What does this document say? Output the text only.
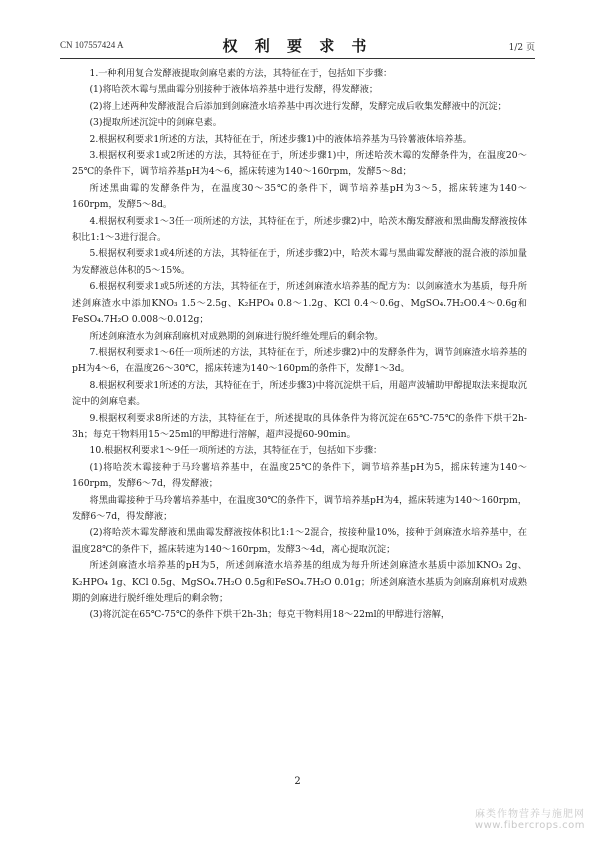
CN 107557424 A	权 利 要 求 书	1/2 页

1.一种利用复合发酵液提取剑麻皂素的方法，其特征在于，包括如下步骤：

(1)将哈茨木霉与黑曲霉分别接种于液体培养基中进行发酵，得发酵液；

(2)将上述两种发酵液混合后添加到剑麻渣水培养基中再次进行发酵，发酵完成后收集发酵液中的沉淀；

(3)提取所述沉淀中的剑麻皂素。

2.根据权利要求1所述的方法，其特征在于，所述步骤1)中的液体培养基为马铃薯液体培养基。

3.根据权利要求1或2所述的方法，其特征在于，所述步骤1)中，所述哈茨木霉的发酵条件为，在温度20～25℃的条件下，调节培养基pH为4～6，摇床转速为140～160rpm，发酵5～8d；

所述黑曲霉的发酵条件为，在温度30～35℃的条件下，调节培养基pH为3～5，摇床转速为140～160rpm，发酵5～8d。

4.根据权利要求1～3任一项所述的方法，其特征在于，所述步骤2)中，哈茨木酶发酵液和黑曲酶发酵液按体积比1:1～3进行混合。

5.根据权利要求1或4所述的方法，其特征在于，所述步骤2)中，哈茨木霉与黑曲霉发酵液的混合液的添加量为发酵液总体积的5～15%。

6.根据权利要求1或5所述的方法，其特征在于，所述剑麻渣水培养基的配方为：以剑麻渣水为基质，每升所述剑麻渣水中添加KNO₃ 1.5～2.5g、K₂HPO₄ 0.8～1.2g、KCl 0.4～0.6g、MgSO₄.7H₂O0.4～0.6g和FeSO₄.7H₂O 0.008～0.012g；

所述剑麻渣水为剑麻刮麻机对成熟期的剑麻进行脱纤维处理后的剩余物。

7.根据权利要求1～6任一项所述的方法，其特征在于，所述步骤2)中的发酵条件为，调节剑麻渣水培养基的pH为4～6，在温度26～30℃，摇床转速为140～160pm的条件下，发酵1～3d。

8.根据权利要求1所述的方法，其特征在于，所述步骤3)中将沉淀烘干后，用超声波辅助甲醇提取法来提取沉淀中的剑麻皂素。

9.根据权利要求8所述的方法，其特征在于，所述提取的具体条件为将沉淀在65℃-75℃的条件下烘干2h-3h；每克干物料用15～25ml的甲醇进行溶解，超声浸提60-90min。

10.根据权利要求1～9任一项所述的方法，其特征在于，包括如下步骤：

(1)将哈茨木霉接种于马玲薯培养基中，在温度25℃的条件下，调节培养基pH为5，摇床转速为140～160rpm，发酵6～7d，得发酵液；

将黑曲霉接种于马玲薯培养基中，在温度30℃的条件下，调节培养基pH为4，摇床转速为140～160rpm，发酵6～7d，得发酵液；

(2)将哈茨木霉发酵液和黑曲霉发酵液按体积比1:1～2混合，按接种量10%，接种于剑麻渣水培养基中，在温度28℃的条件下，摇床转速为140～160rpm，发酵3～4d，离心提取沉淀；

所述剑麻渣水培养基的pH为5，所述剑麻渣水培养基的组成为每升所述剑麻渣水基质中添加KNO₃ 2g、K₂HPO₄ 1g、KCl 0.5g、MgSO₄.7H₂O 0.5g和FeSO₄.7H₂O 0.01g；所述剑麻渣水基质为剑麻刮麻机对成熟期的剑麻进行脱纤维处理后的剩余物；

(3)将沉淀在65℃-75℃的条件下烘干2h-3h；每克干物料用18～22ml的甲醇进行溶解，

2
麻类作物营养与施肥网
www.fibercrops.com
